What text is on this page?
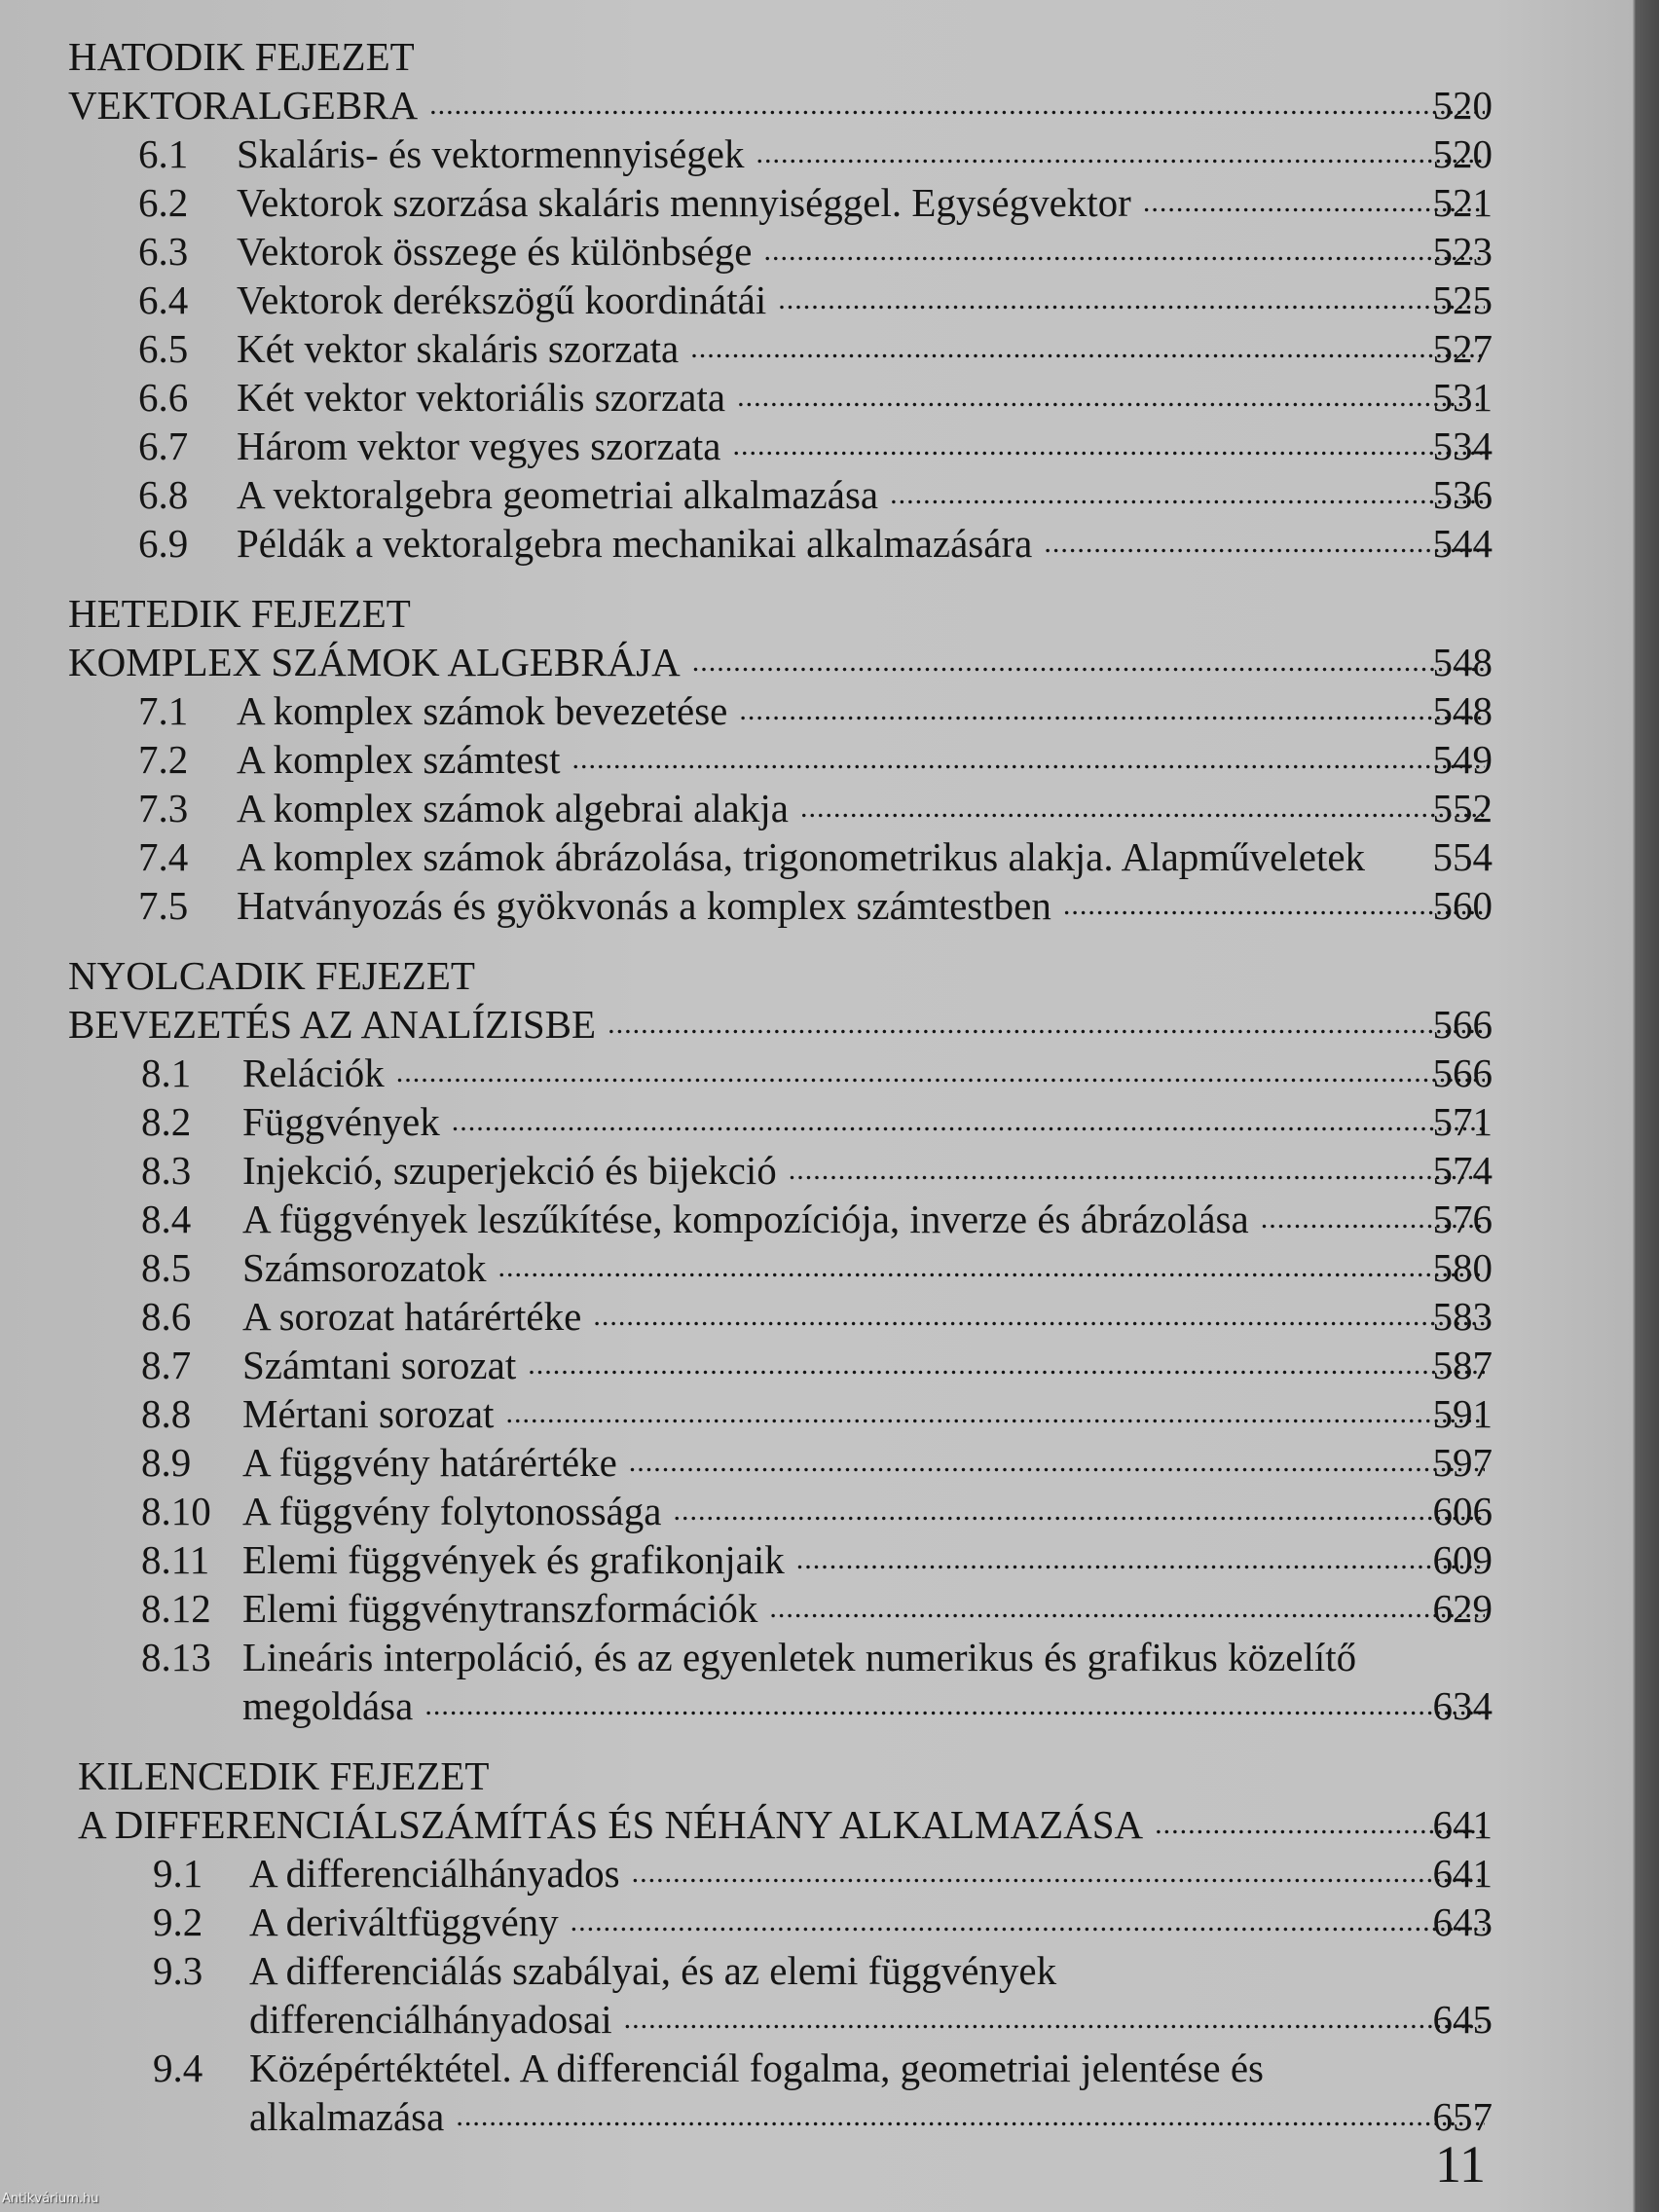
HATODIK FEJEZET
VEKTORALGEBRA .....	520
6.1 Skaláris- és vektormennyiségek .....	520
6.2 Vektorok szorzása skaláris mennyiséggel. Egységvektor .....	521
6.3 Vektorok összege és különbsége .....	523
6.4 Vektorok derékszögű koordinátái .....	525
6.5 Két vektor skaláris szorzata .....	527
6.6 Két vektor vektoriális szorzata .....	531
6.7 Három vektor vegyes szorzata .....	534
6.8 A vektoralgebra geometriai alkalmazása .....	536
6.9 Példák a vektoralgebra mechanikai alkalmazására .....	544
HETEDIK FEJEZET
KOMPLEX SZÁMOK ALGEBRÁJA .....	548
7.1 A komplex számok bevezetése .....	548
7.2 A komplex számtest .....	549
7.3 A komplex számok algebrai alakja .....	552
7.4 A komplex számok ábrázolása, trigonometrikus alakja. Alapműveletek 554
7.5 Hatványozás és gyökvonás a komplex számtestben .....	560
NYOLCADIK FEJEZET
BEVEZETÉS AZ ANALÍZISBE .....	566
8.1 Relációk .....	566
8.2 Függvények .....	571
8.3 Injekció, szuperjekció és bijekció .....	574
8.4 A függvények leszűkítése, kompozíciója, inverze és ábrázolása .....	576
8.5 Számsorozatok .....	580
8.6 A sorozat határértéke .....	583
8.7 Számtani sorozat .....	587
8.8 Mértani sorozat .....	591
8.9 A függvény határértéke .....	597
8.10 A függvény folytonossága .....	606
8.11 Elemi függvények és grafikonjaik .....	609
8.12 Elemi függvénytranszformációk .....	629
8.13 Lineáris interpoláció, és az egyenletek numerikus és grafikus közelítő
megoldása .....	634
KILENCEDIK FEJEZET
A DIFFERENCIÁLSZÁMÍTÁS ÉS NÉHÁNY ALKALMAZÁSA .....	641
9.1 A differenciálhányados .....	641
9.2 A deriváltfüggvény .....	643
9.3 A differenciálás szabályai, és az elemi függvények
differenciálhányadosai .....	645
9.4 Középértéktétel. A differenciál fogalma, geometriai jelentése és
alkalmazása .....	657
11
Antikvárium.hu
